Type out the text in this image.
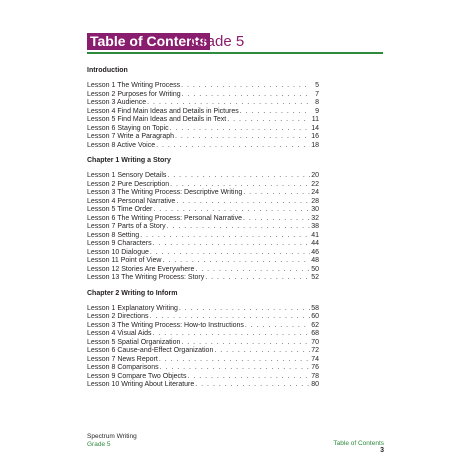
Table of Contents
Grade 5
Introduction
Lesson 1 The Writing Process . . .	5
Lesson 2 Purposes for Writing . . .	7
Lesson 3 Audience . . .	8
Lesson 4 Find Main Ideas and Details in Pictures . . .	9
Lesson 5 Find Main Ideas and Details in Text . . .	11
Lesson 6 Staying on Topic . . .	14
Lesson 7 Write a Paragraph . . .	16
Lesson 8 Active Voice . . .	18
Chapter 1 Writing a Story
Lesson 1 Sensory Details . . .	20
Lesson 2 Pure Description . . .	22
Lesson 3 The Writing Process: Descriptive Writing . . .	24
Lesson 4 Personal Narrative . . .	28
Lesson 5 Time Order . . .	30
Lesson 6 The Writing Process: Personal Narrative . . .	32
Lesson 7 Parts of a Story . . .	38
Lesson 8 Setting . . .	41
Lesson 9 Characters . . .	44
Lesson 10 Dialogue . . .	46
Lesson 11 Point of View . . .	48
Lesson 12 Stories Are Everywhere . . .	50
Lesson 13 The Writing Process: Story . . .	52
Chapter 2 Writing to Inform
Lesson 1 Explanatory Writing . . .	58
Lesson 2 Directions . . .	60
Lesson 3 The Writing Process: How-to Instructions . . .	62
Lesson 4 Visual Aids . . .	68
Lesson 5 Spatial Organization . . .	70
Lesson 6 Cause-and-Effect Organization . . .	72
Lesson 7 News Report . . .	74
Lesson 8 Comparisons . . .	76
Lesson 9 Compare Two Objects . . .	78
Lesson 10 Writing About Literature . . .	80
Spectrum Writing
Grade 5	Table of Contents
3
